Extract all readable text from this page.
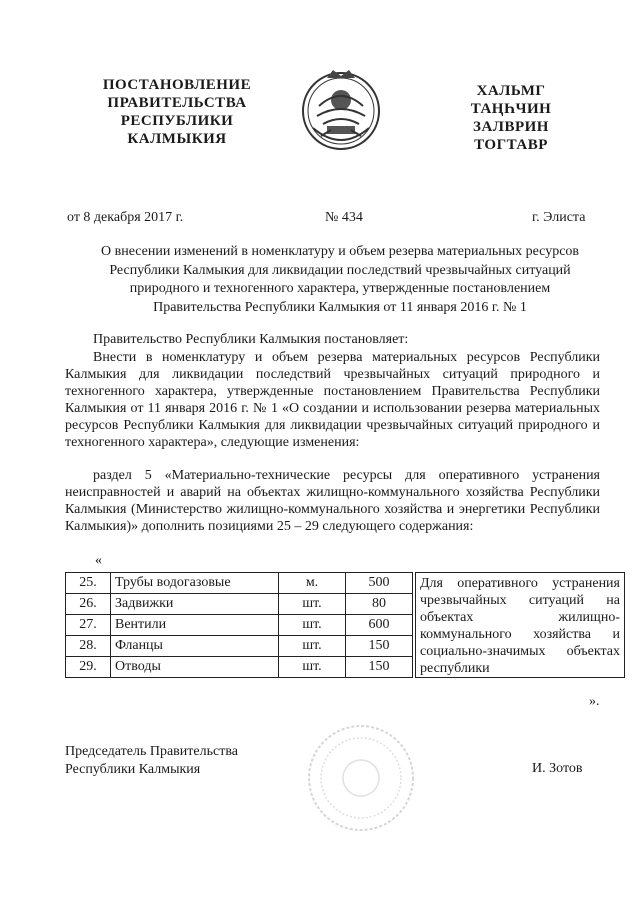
ПОСТАНОВЛЕНИЕ
ПРАВИТЕЛЬСТВА
РЕСПУБЛИКИ
КАЛМЫКИЯ
ХАЛЬМГ
ТАҢҺЧИН
ЗАЛВРИН
ТОГТАВР
от 8 декабря 2017 г.	№ 434	г. Элиста
О внесении изменений в номенклатуру и объем резерва материальных ресурсов
Республики Калмыкия для ликвидации последствий чрезвычайных ситуаций
природного и техногенного характера, утвержденные постановлением
Правительства Республики Калмыкия от 11 января 2016 г. № 1
Правительство Республики Калмыкия постановляет:
Внести в номенклатуру и объем резерва материальных ресурсов Республики Калмыкия для ликвидации последствий чрезвычайных ситуаций природного и техногенного характера, утвержденные постановлением Правительства Республики Калмыкия от 11 января 2016 г. № 1 «О создании и использовании резерва материальных ресурсов Республики Калмыкия для ликвидации чрезвычайных ситуаций природного и техногенного характера», следующие изменения:
раздел 5 «Материально-технические ресурсы для оперативного устранения неисправностей и аварий на объектах жилищно-коммунального хозяйства Республики Калмыкия (Министерство жилищно-коммунального хозяйства и энергетики Республики Калмыкия)» дополнить позициями 25 – 29 следующего содержания:
«
25.	Трубы водогазовые	м.	500		Для оперативного устранения чрезвычайных ситуаций на объектах жилищно-коммунального хозяйства и социально-значимых объектах республики
26.	Задвижки	шт.	80		
27.	Вентили	шт.	600		
28.	Фланцы	шт.	150		
29.	Отводы	шт.	150		
».
Председатель Правительства
Республики Калмыкия	И. Зотов
